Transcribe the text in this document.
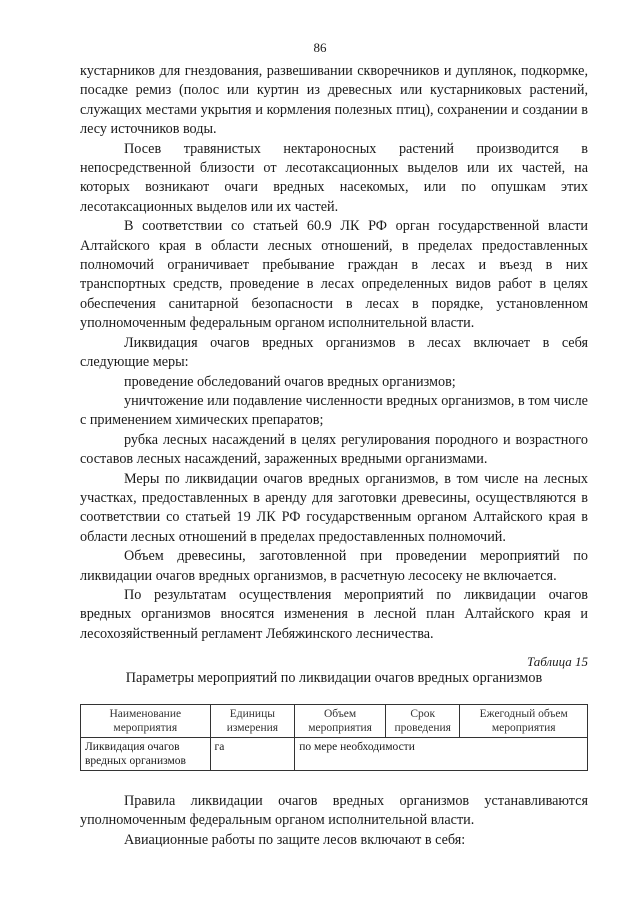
86

кустарников для гнездования, развешивании скворечников и дуплянок, подкормке, посадке ремиз (полос или куртин из древесных или кустарниковых растений, служащих местами укрытия и кормления полезных птиц), сохранении и создании в лесу источников воды.

Посев травянистых нектароносных растений производится в непосредственной близости от лесотаксационных выделов или их частей, на которых возникают очаги вредных насекомых, или по опушкам этих лесотаксационных выделов или их частей.

В соответствии со статьей 60.9 ЛК РФ орган государственной власти Алтайского края в области лесных отношений, в пределах предоставленных полномочий ограничивает пребывание граждан в лесах и въезд в них транспортных средств, проведение в лесах определенных видов работ в целях обеспечения санитарной безопасности в лесах в порядке, установленном уполномоченным федеральным органом исполнительной власти.

Ликвидация очагов вредных организмов в лесах включает в себя следующие меры:

проведение обследований очагов вредных организмов;

уничтожение или подавление численности вредных организмов, в том числе с применением химических препаратов;

рубка лесных насаждений в целях регулирования породного и возрастного составов лесных насаждений, зараженных вредными организмами.

Меры по ликвидации очагов вредных организмов, в том числе на лесных участках, предоставленных в аренду для заготовки древесины, осуществляются в соответствии со статьей 19 ЛК РФ государственным органом Алтайского края в области лесных отношений в пределах предоставленных полномочий.

Объем древесины, заготовленной при проведении мероприятий по ликвидации очагов вредных организмов, в расчетную лесосеку не включается.

По результатам осуществления мероприятий по ликвидации очагов вредных организмов вносятся изменения в лесной план Алтайского края и лесохозяйственный регламент Лебяжинского лесничества.

Таблица 15
Параметры мероприятий по ликвидации очагов вредных организмов
Наименование мероприятия	Единицы измерения	Объем мероприятия	Срок проведения	Ежегодный объем мероприятия
Ликвидация очагов вредных организмов	га	по мере необходимости		

Правила ликвидации очагов вредных организмов устанавливаются уполномоченным федеральным органом исполнительной власти.

Авиационные работы по защите лесов включают в себя:
